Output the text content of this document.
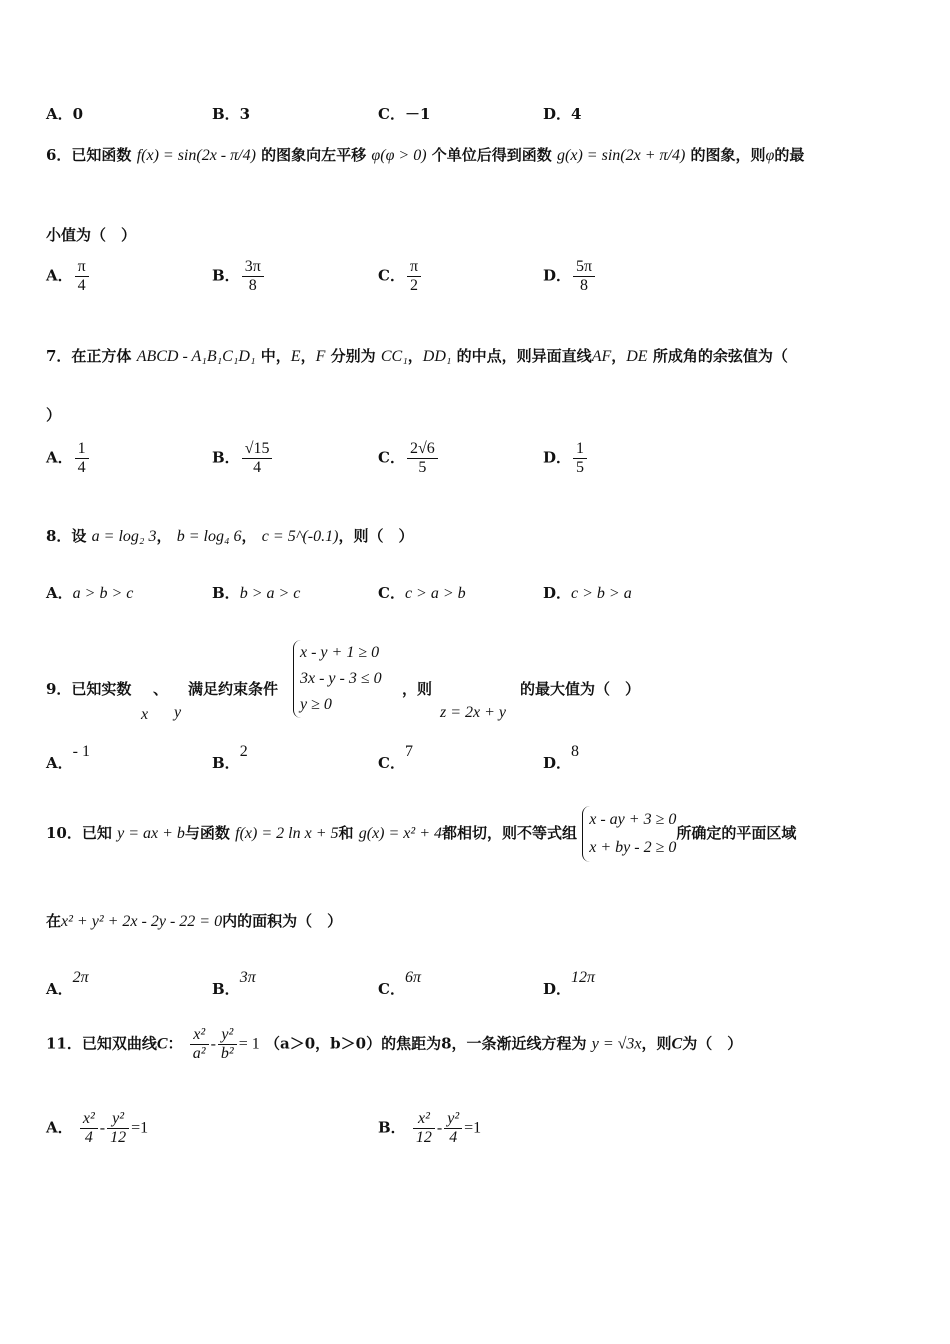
A．0	B．3	C．－1	D．4
6．已知函数 f(x) = sin(2x - π/4) 的图象向左平移 φ(φ > 0) 个单位后得到函数 g(x) = sin(2x + π/4) 的图象，则φ的最
小值为（　）
A． $\frac{\pi}{4}$	B． $\frac{3\pi}{8}$	C． $\frac{\pi}{2}$	D． $\frac{5\pi}{8}$
7．在正方体 ABCD - A₁B₁C₁D₁ 中，E，F 分别为 CC₁，DD₁ 的中点，则异面直线AF，DE 所成角的余弦值为（
）
A． $\frac{1}{4}$	B． $\frac{√15}{4}$	C． $\frac{2√6}{5}$	D． $\frac{1}{5}$
8．设 a = log₂ 3， b = log₄ 6， c = 5^(-0.1)，则（　）
A．a > b > c	B．b > a > c	C．c > a > b	D．c > b > a
9．已知实数 、 满足约束条件
x y
x - y + 1 ≥ 0
3x - y - 3 ≤ 0
y ≥ 0
，则
z = 2x + y
的最大值为（　）
A．- 1
B．2
C．7
D．8
10．已知 y = ax + b与函数 f(x) = 2 ln x + 5和 g(x) = x² + 4都相切，则不等式组
x - ay + 3 ≥ 0
x + by - 2 ≥ 0
所确定的平面区域
在x² + y² + 2x - 2y - 22 = 0内的面积为（　）
A．2π
B．3π
C．6π
D．12π
11．已知双曲线C： $\frac{\text{x²}}{\text{a²}} - \frac{\text{y²}}{\text{b²}} = 1$ （a＞0，b＞0）的焦距为8，一条渐近线方程为 y = √3x，则C为（　）
A． $\frac{\text{x²}}{4} - \frac{\text{y²}}{12} =1$	B． $\frac{\text{x²}}{12} - \frac{\text{y²}}{4} =1$
